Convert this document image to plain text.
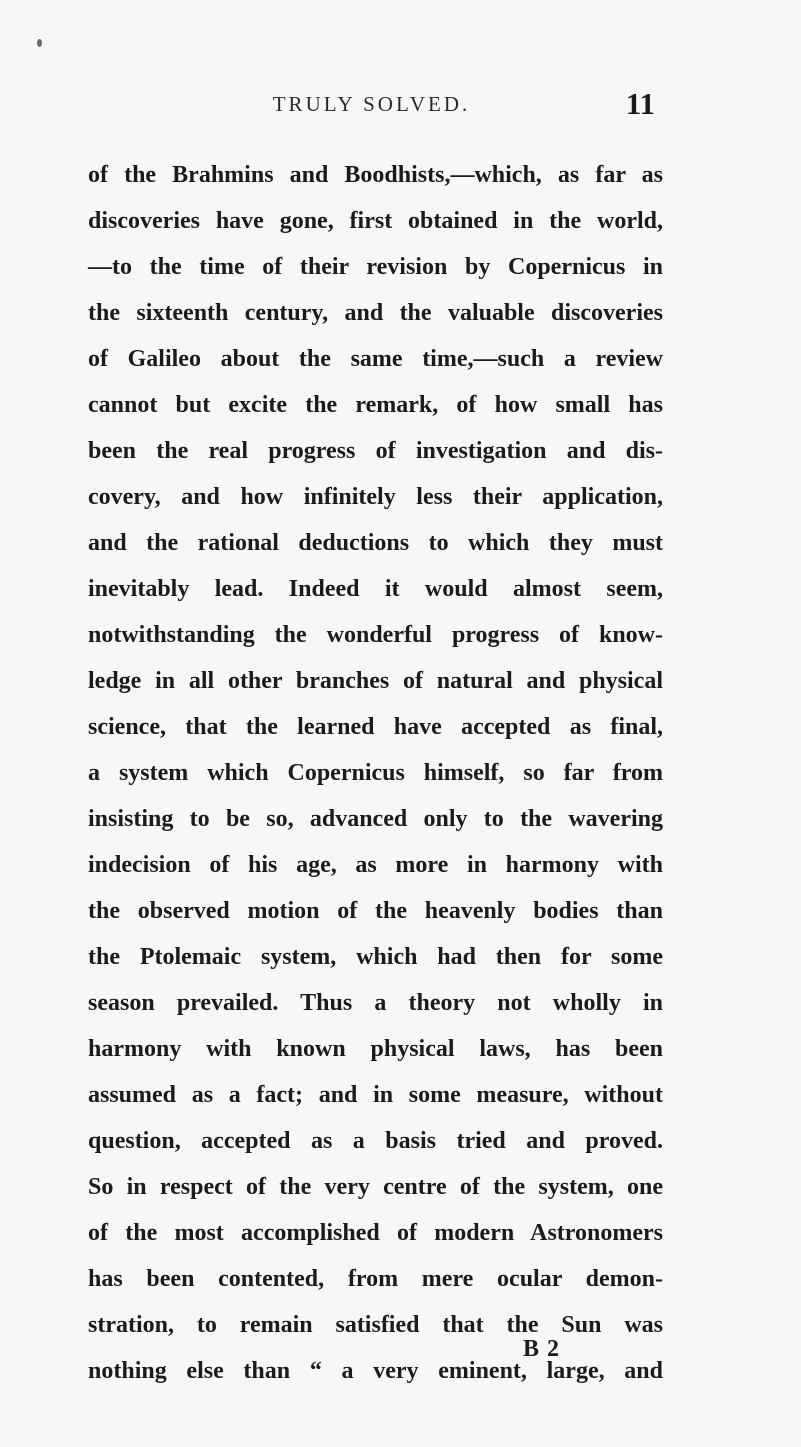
TRULY SOLVED.	11
of the Brahmins and Boodhists,—which, as far as
discoveries have gone, first obtained in the world,
—to the time of their revision by Copernicus in
the sixteenth century, and the valuable discoveries
of Galileo about the same time,—such a review
cannot but excite the remark, of how small has
been the real progress of investigation and dis-
covery, and how infinitely less their application,
and the rational deductions to which they must
inevitably lead. Indeed it would almost seem,
notwithstanding the wonderful progress of know-
ledge in all other branches of natural and physical
science, that the learned have accepted as final,
a system which Copernicus himself, so far from
insisting to be so, advanced only to the wavering
indecision of his age, as more in harmony with
the observed motion of the heavenly bodies than
the Ptolemaic system, which had then for some
season prevailed. Thus a theory not wholly in
harmony with known physical laws, has been
assumed as a fact; and in some measure, without
question, accepted as a basis tried and proved.
So in respect of the very centre of the system, one
of the most accomplished of modern Astronomers
has been contented, from mere ocular demon-
stration, to remain satisfied that the Sun was
nothing else than “ a very eminent, large, and
B 2
